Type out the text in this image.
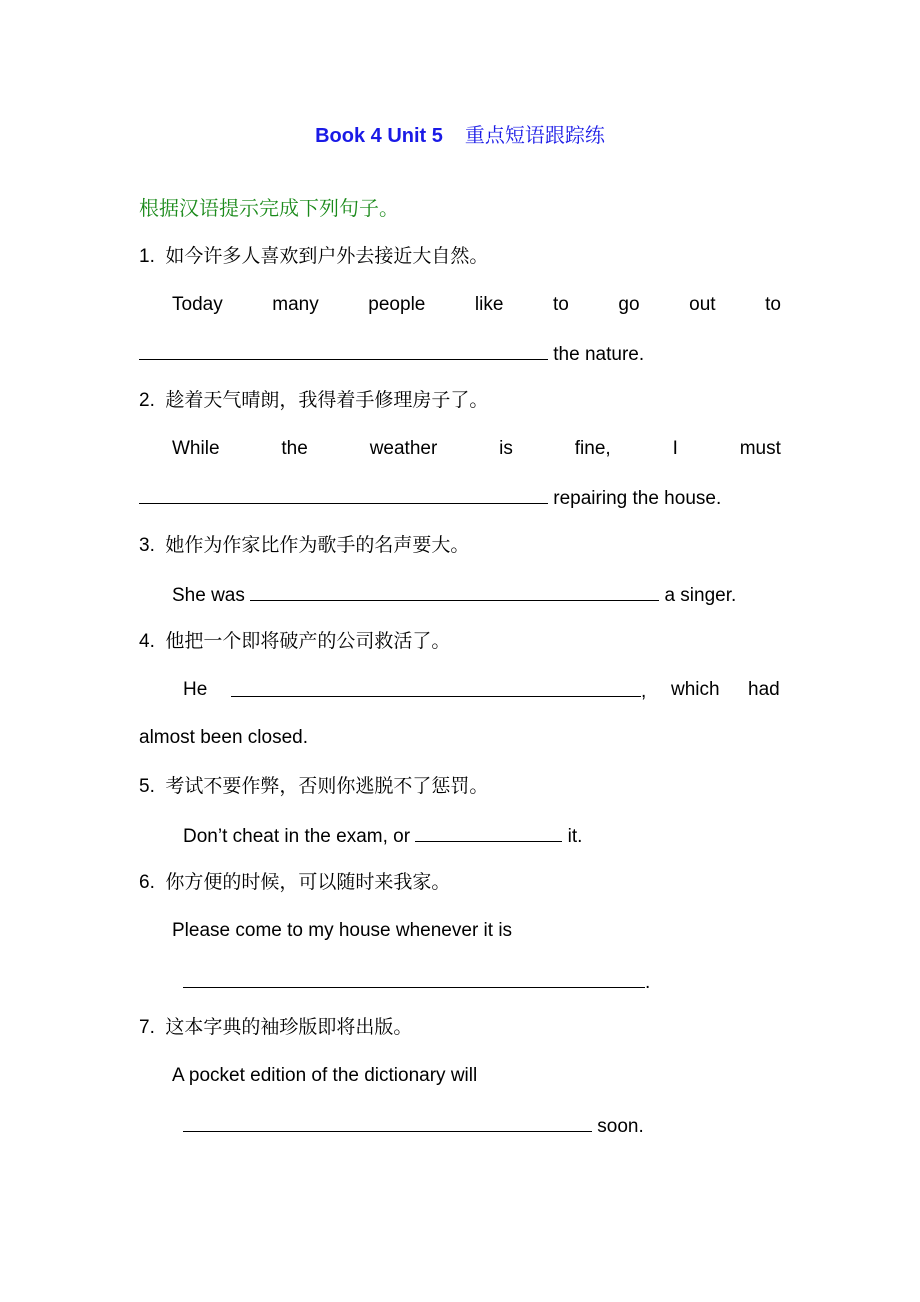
Book 4 Unit 5 重点短语跟踪练
根据汉语提示完成下列句子。
1. 如今许多人喜欢到户外去接近大自然。
Today	many	people	like	to	go	out	to
the nature.
2. 趁着天气晴朗，我得着手修理房子了。
While	the	weather	is	fine,	I	must
repairing the house.
3. 她作为作家比作为歌手的名声要大。
She was	a singer.
4. 他把一个即将破产的公司救活了。
He	, which had
almost been closed.
5. 考试不要作弊，否则你逃脱不了惩罚。
Don’t cheat in the exam, or	it.
6. 你方便的时候，可以随时来我家。
Please come to my house whenever it is
.
7. 这本字典的袖珍版即将出版。
A pocket edition of the dictionary will
soon.
